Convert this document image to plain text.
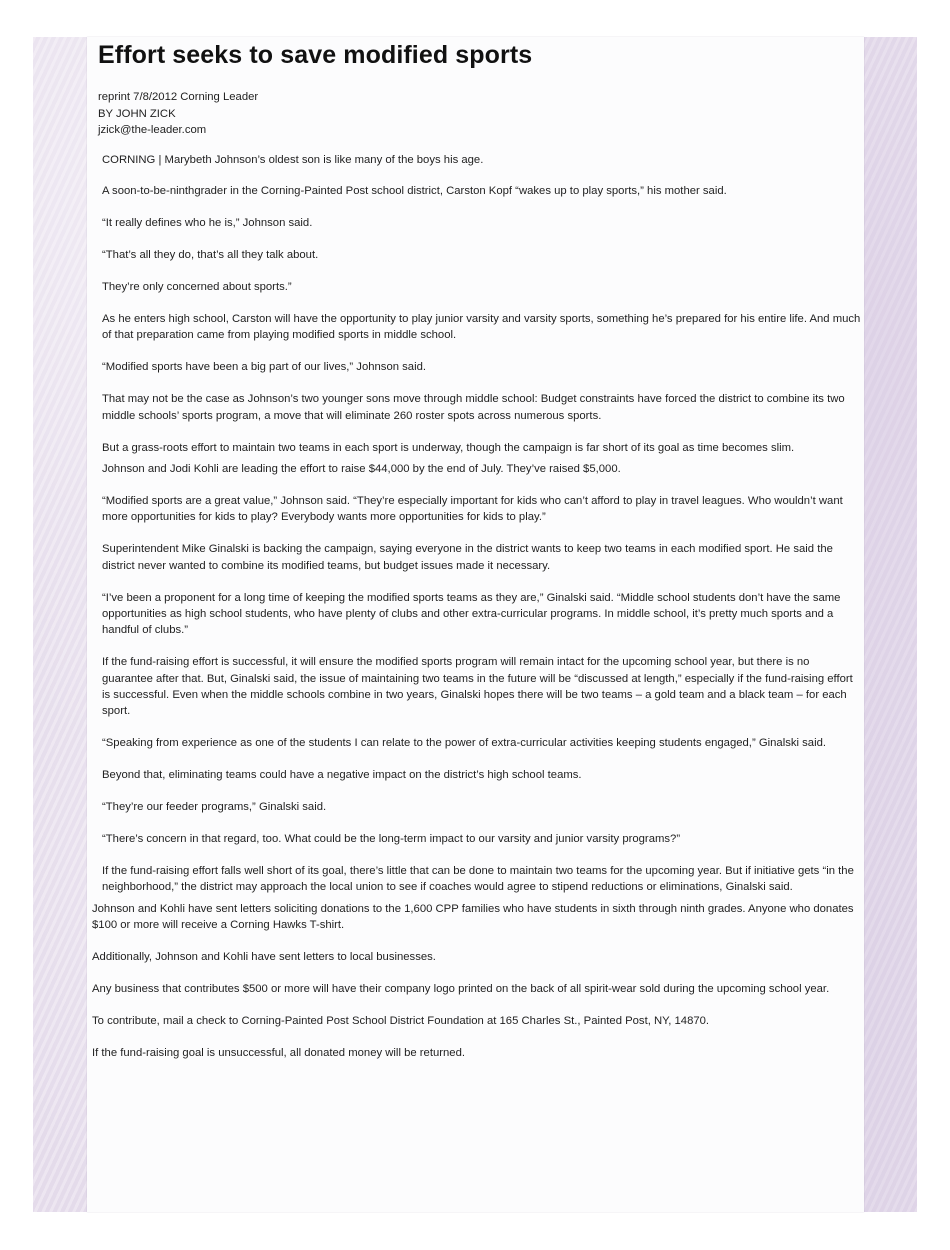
Effort seeks to save modified sports
reprint 7/8/2012 Corning Leader
BY JOHN ZICK
jzick@the-leader.com

CORNING | Marybeth Johnson’s oldest son is like many of the boys his age.

A soon-to-be-ninthgrader in the Corning-Painted Post school district, Carston Kopf “wakes up to play sports,” his mother said.

“It really defines who he is,” Johnson said.

“That’s all they do, that’s all they talk about.

They’re only concerned about sports.”

As he enters high school, Carston will have the opportunity to play junior varsity and varsity sports, something he’s prepared for his entire life. And much of that preparation came from playing modified sports in middle school.

“Modified sports have been a big part of our lives,” Johnson said.

That may not be the case as Johnson’s two younger sons move through middle school: Budget constraints have forced the district to combine its two middle schools’ sports program, a move that will eliminate 260 roster spots across numerous sports.

But a grass-roots effort to maintain two teams in each sport is underway, though the campaign is far short of its goal as time becomes slim.

Johnson and Jodi Kohli are leading the effort to raise $44,000 by the end of July. They’ve raised $5,000.

“Modified sports are a great value,” Johnson said. “They’re especially important for kids who can’t afford to play in travel leagues. Who wouldn’t want more opportunities for kids to play? Everybody wants more opportunities for kids to play.”

Superintendent Mike Ginalski is backing the campaign, saying everyone in the district wants to keep two teams in each modified sport. He said the district never wanted to combine its modified teams, but budget issues made it necessary.

“I’ve been a proponent for a long time of keeping the modified sports teams as they are,” Ginalski said. “Middle school students don’t have the same opportunities as high school students, who have plenty of clubs and other extra-curricular programs. In middle school, it’s pretty much sports and a handful of clubs.”

If the fund-raising effort is successful, it will ensure the modified sports program will remain intact for the upcoming school year, but there is no guarantee after that. But, Ginalski said, the issue of maintaining two teams in the future will be “discussed at length,” especially if the fund-raising effort is successful. Even when the middle schools combine in two years, Ginalski hopes there will be two teams – a gold team and a black team – for each sport.

“Speaking from experience as one of the students I can relate to the power of extra-curricular activities keeping students engaged,” Ginalski said.

Beyond that, eliminating teams could have a negative impact on the district’s high school teams.

“They’re our feeder programs,” Ginalski said.

“There’s concern in that regard, too. What could be the long-term impact to our varsity and junior varsity programs?”

If the fund-raising effort falls well short of its goal, there’s little that can be done to maintain two teams for the upcoming year. But if initiative gets “in the neighborhood,” the district may approach the local union to see if coaches would agree to stipend reductions or eliminations, Ginalski said.

Johnson and Kohli have sent letters soliciting donations to the 1,600 CPP families who have students in sixth through ninth grades. Anyone who donates $100 or more will receive a Corning Hawks T-shirt.

Additionally, Johnson and Kohli have sent letters to local businesses.

Any business that contributes $500 or more will have their company logo printed on the back of all spirit-wear sold during the upcoming school year.

To contribute, mail a check to Corning-Painted Post School District Foundation at 165 Charles St., Painted Post, NY, 14870.

If the fund-raising goal is unsuccessful, all donated money will be returned.
